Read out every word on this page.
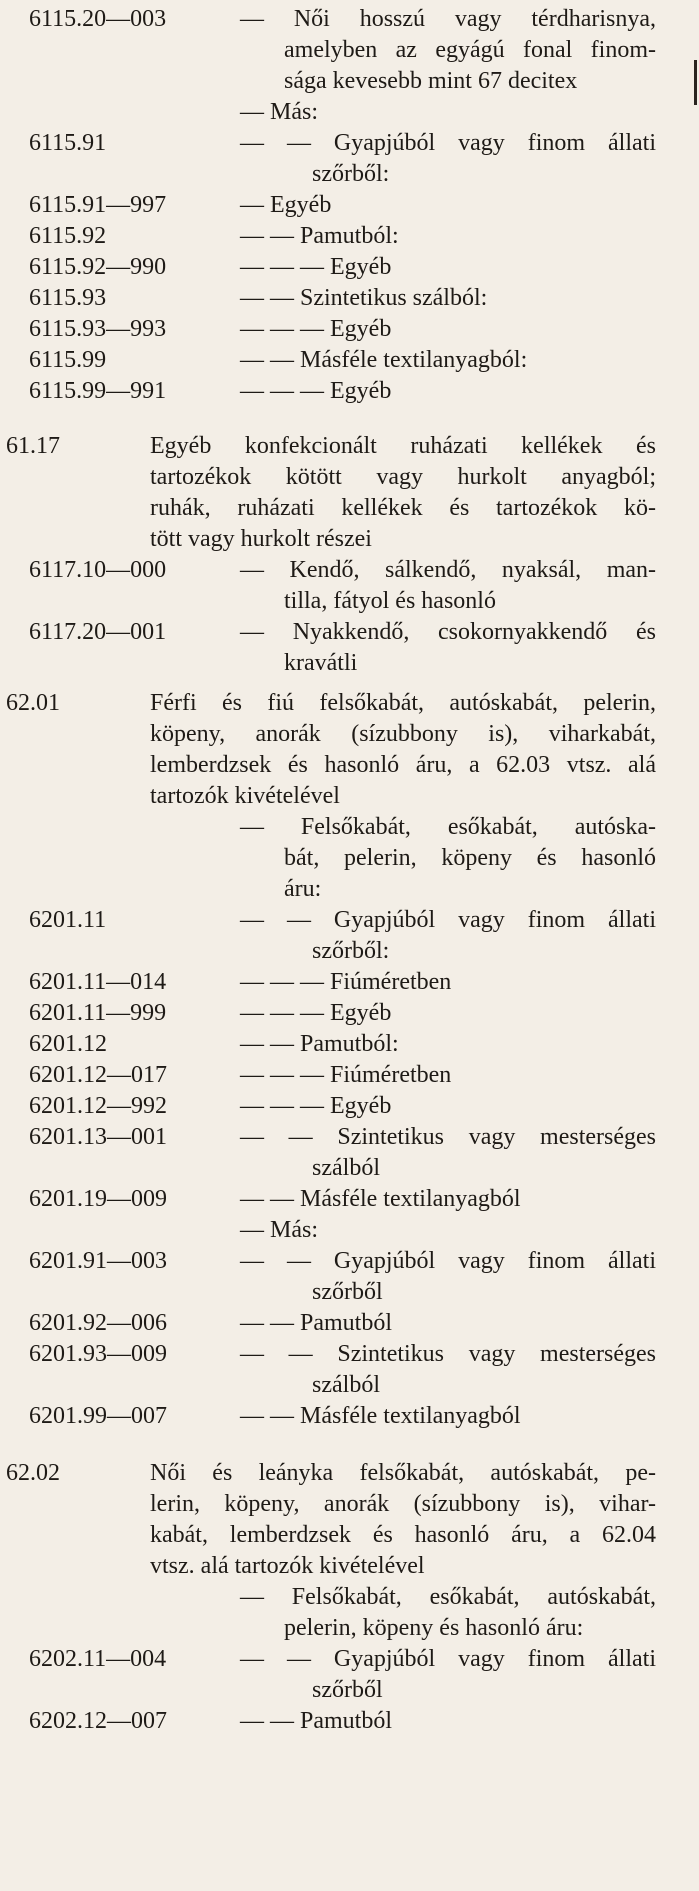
6115.20—003	— Női hosszú vagy térdharisnya,
amelyben az egyágú fonal finom-
sága kevesebb mint 67 decitex
— Más:
6115.91	— — Gyapjúból vagy finom állati
szőrből:
6115.91—997	— Egyéb
6115.92	— — Pamutból:
6115.92—990	— — — Egyéb
6115.93	— — Szintetikus szálból:
6115.93—993	— — — Egyéb
6115.99	— — Másféle textilanyagból:
6115.99—991	— — — Egyéb
61.17	Egyéb konfekcionált ruházati kellékek és
tartozékok kötött vagy hurkolt anyagból;
ruhák, ruházati kellékek és tartozékok kö-
tött vagy hurkolt részei
6117.10—000	— Kendő, sálkendő, nyaksál, man-
tilla, fátyol és hasonló
6117.20—001	— Nyakkendő, csokornyakkendő és
kravátli
62.01	Férfi és fiú felsőkabát, autóskabát, pelerin,
köpeny, anorák (sízubbony is), viharkabát,
lemberdzsek és hasonló áru, a 62.03 vtsz. alá
tartozók kivételével
— Felsőkabát, esőkabát, autóska-
bát, pelerin, köpeny és hasonló
áru:
6201.11	— — Gyapjúból vagy finom állati
szőrből:
6201.11—014	— — — Fiúméretben
6201.11—999	— — — Egyéb
6201.12	— — Pamutból:
6201.12—017	— — — Fiúméretben
6201.12—992	— — — Egyéb
6201.13—001	— — Szintetikus vagy mesterséges
szálból
6201.19—009	— — Másféle textilanyagból
— Más:
6201.91—003	— — Gyapjúból vagy finom állati
szőrből
6201.92—006	— — Pamutból
6201.93—009	— — Szintetikus vagy mesterséges
szálból
6201.99—007	— — Másféle textilanyagból
62.02	Női és leányka felsőkabát, autóskabát, pe-
lerin, köpeny, anorák (sízubbony is), vihar-
kabát, lemberdzsek és hasonló áru, a 62.04
vtsz. alá tartozók kivételével
— Felsőkabát, esőkabát, autóskabát,
pelerin, köpeny és hasonló áru:
6202.11—004	— — Gyapjúból vagy finom állati
szőrből
6202.12—007	— — Pamutból
